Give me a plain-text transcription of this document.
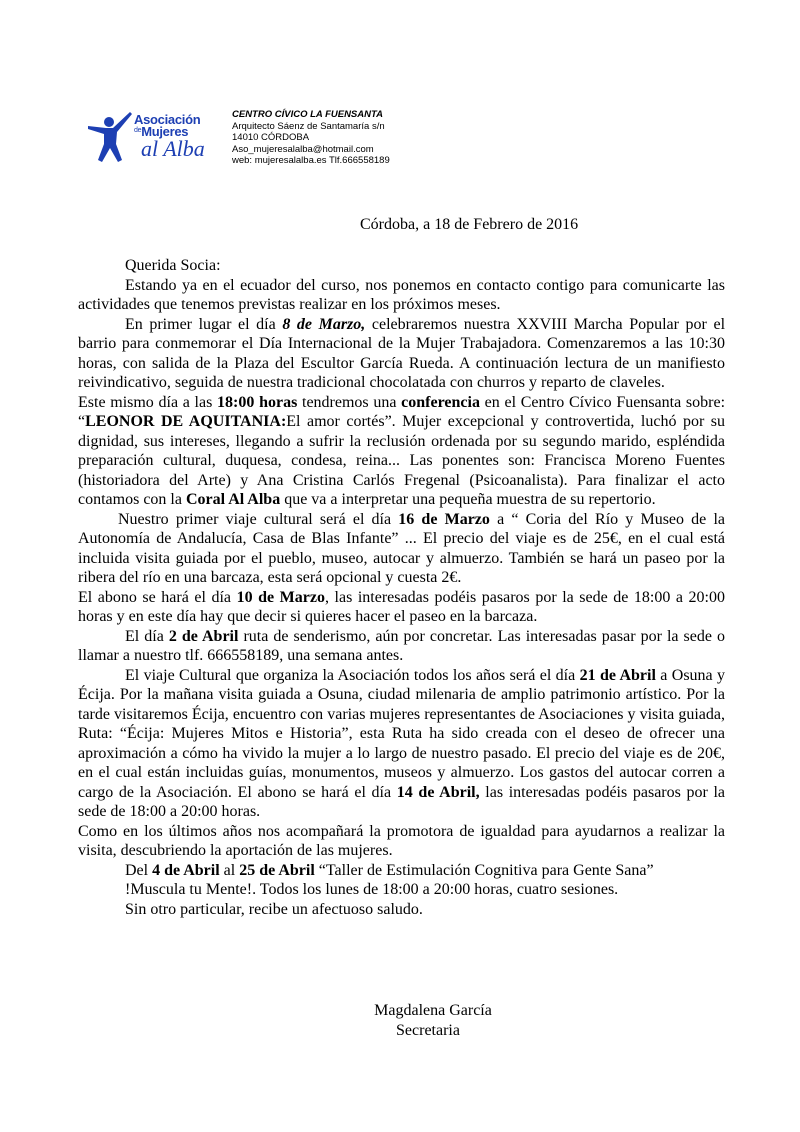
Asociación
$^{de}$Mujeres
al Alba
CENTRO CÍVICO LA FUENSANTA
Arquitecto Sáenz de Santamaría s/n
14010 CÓRDOBA
Aso_mujeresalalba@hotmail.com
web: mujeresalalba.es Tlf.666558189
Córdoba, a 18 de Febrero de 2016

Querida Socia:

Estando ya en el ecuador del curso, nos ponemos en contacto contigo para comunicarte las actividades que tenemos previstas realizar en los próximos meses.

En primer lugar el día 8 de Marzo, celebraremos nuestra XXVIII Marcha Popular por el barrio para conmemorar el Día Internacional de la Mujer Trabajadora. Comenzaremos a las 10:30 horas, con salida de la Plaza del Escultor García Rueda. A continuación lectura de un manifiesto reivindicativo, seguida de nuestra tradicional chocolatada con churros y reparto de claveles.

Este mismo día a las 18:00 horas tendremos una conferencia en el Centro Cívico Fuensanta sobre: “LEONOR DE AQUITANIA:El amor cortés”. Mujer excepcional y controvertida, luchó por su dignidad, sus intereses, llegando a sufrir la reclusión ordenada por su segundo marido, espléndida preparación cultural, duquesa, condesa, reina... Las ponentes son: Francisca Moreno Fuentes (historiadora del Arte) y Ana Cristina Carlós Fregenal (Psicoanalista). Para finalizar el acto contamos con la Coral Al Alba que va a interpretar una pequeña muestra de su repertorio.

Nuestro primer viaje cultural será el día 16 de Marzo a “ Coria del Río y Museo de la Autonomía de Andalucía, Casa de Blas Infante” ... El precio del viaje es de 25€, en el cual está incluida visita guiada por el pueblo, museo, autocar y almuerzo. También se hará un paseo por la ribera del río en una barcaza, esta será opcional y cuesta 2€.

El abono se hará el día 10 de Marzo, las interesadas podéis pasaros por la sede de 18:00 a 20:00 horas y en este día hay que decir si quieres hacer el paseo en la barcaza.

El día 2 de Abril ruta de senderismo, aún por concretar. Las interesadas pasar por la sede o llamar a nuestro tlf. 666558189, una semana antes.

El viaje Cultural que organiza la Asociación todos los años será el día 21 de Abril a Osuna y Écija. Por la mañana visita guiada a Osuna, ciudad milenaria de amplio patrimonio artístico. Por la tarde visitaremos Écija, encuentro con varias mujeres representantes de Asociaciones y visita guiada, Ruta: “Écija: Mujeres Mitos e Historia”, esta Ruta ha sido creada con el deseo de ofrecer una aproximación a cómo ha vivido la mujer a lo largo de nuestro pasado. El precio del viaje es de 20€, en el cual están incluidas guías, monumentos, museos y almuerzo. Los gastos del autocar corren a cargo de la Asociación. El abono se hará el día 14 de Abril, las interesadas podéis pasaros por la sede de 18:00 a 20:00 horas.

Como en los últimos años nos acompañará la promotora de igualdad para ayudarnos a realizar la visita, descubriendo la aportación de las mujeres.

Del 4 de Abril al 25 de Abril “Taller de Estimulación Cognitiva para Gente Sana”

!Muscula tu Mente!. Todos los lunes de 18:00 a 20:00 horas, cuatro sesiones.

Sin otro particular, recibe un afectuoso saludo.

Magdalena García
Secretaria
